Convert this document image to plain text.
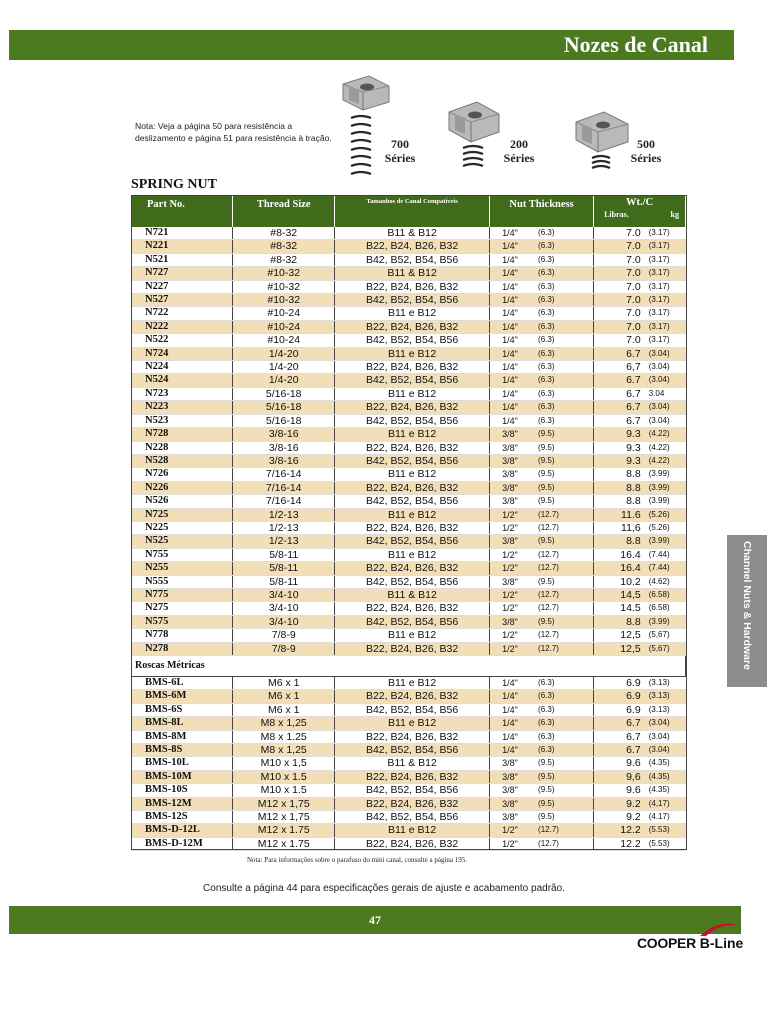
Nozes de Canal
Nota: Veja a página 50 para resistência a deslizamento e página 51 para resistência à tração.	700
Séries
200
Séries
500
Séries
SPRING NUT
Part No.	Thread Size	Tamanhos de Canal Compatíveis	Nut Thickness		Wt./C
Libras. kg	

N721	#8-32	B11 & B12	1/4"	(6.3)	7.0	(3.17)
N221	#8-32	B22, B24, B26, B32	1/4"	(6.3)	7.0	(3.17)
N521	#8-32	B42, B52, B54, B56	1/4"	(6.3)	7.0	(3.17)
N727	#10-32	B11 & B12	1/4"	(6.3)	7.0	(3.17)
N227	#10-32	B22, B24, B26, B32	1/4"	(6.3)	7.0	(3.17)
N527	#10-32	B42, B52, B54, B56	1/4"	(6.3)	7.0	(3.17)
N722	#10-24	B11 e B12	1/4"	(6.3)	7.0	(3.17)
N222	#10-24	B22, B24, B26, B32	1/4"	(6.3)	7.0	(3.17)
N522	#10-24	B42, B52, B54, B56	1/4"	(6.3)	7.0	(3.17)
N724	1/4-20	B11 e B12	1/4"	(6.3)	6.7	(3.04)
N224	1/4-20	B22, B24, B26, B32	1/4"	(6.3)	6,7	(3.04)
N524	1/4-20	B42, B52, B54, B56	1/4"	(6.3)	6.7	(3.04)
N723	5/16-18	B11 e B12	1/4"	(6.3)	6.7	3.04
N223	5/16-18	B22, B24, B26, B32	1/4"	(6.3)	6.7	(3.04)
N523	5/16-18	B42, B52, B54, B56	1/4"	(6.3)	6.7	(3.04)
N728	3/8-16	B11 e B12	3/8"	(9.5)	9.3	(4.22)
N228	3/8-16	B22, B24, B26, B32	3/8"	(9.5)	9.3	(4.22)
N528	3/8-16	B42, B52, B54, B56	3/8"	(9.5)	9.3	(4.22)
N726	7/16-14	B11 e B12	3/8"	(9.5)	8.8	(3.99)
N226	7/16-14	B22, B24, B26, B32	3/8"	(9.5)	8.8	(3.99)
N526	7/16-14	B42, B52, B54, B56	3/8"	(9.5)	8.8	(3.99)
N725	1/2-13	B11 e B12	1/2"	(12.7)	11.6	(5.26)
N225	1/2-13	B22, B24, B26, B32	1/2"	(12.7)	11,6	(5.26)
N525	1/2-13	B42, B52, B54, B56	3/8"	(9.5)	8.8	(3.99)
N755	5/8-11	B11 e B12	1/2"	(12.7)	16.4	(7.44)
N255	5/8-11	B22, B24, B26, B32	1/2"	(12.7)	16.4	(7.44)
N555	5/8-11	B42, B52, B54, B56	3/8"	(9.5)	10.2	(4.62)
N775	3/4-10	B11 & B12	1/2"	(12.7)	14,5	(6.58)
N275	3/4-10	B22, B24, B26, B32	1/2"	(12.7)	14.5	(6.58)
N575	3/4-10	B42, B52, B54, B56	3/8"	(9.5)	8.8	(3.99)
N778	7/8-9	B11 e B12	1/2"	(12.7)	12,5	(5,67)
N278	7/8-9	B22, B24, B26, B32	1/2"	(12.7)	12,5	(5,67)
Roscas Métricas						
BMS-6L	M6 x 1	B11 e B12	1/4"	(6.3)	6.9	(3.13)
BMS-6M	M6 x 1	B22, B24, B26, B32	1/4"	(6.3)	6.9	(3.13)
BMS-6S	M6 x 1	B42, B52, B54, B56	1/4"	(6.3)	6.9	(3.13)
BMS-8L	M8 x 1,25	B11 e B12	1/4"	(6.3)	6.7	(3.04)
BMS-8M	M8 x 1.25	B22, B24, B26, B32	1/4"	(6.3)	6.7	(3.04)
BMS-8S	M8 x 1,25	B42, B52, B54, B56	1/4"	(6.3)	6.7	(3.04)
BMS-10L	M10 x 1,5	B11 & B12	3/8"	(9.5)	9.6	(4.35)
BMS-10M	M10 x 1.5	B22, B24, B26, B32	3/8"	(9.5)	9,6	(4.35)
BMS-10S	M10 x 1.5	B42, B52, B54, B56	3/8"	(9.5)	9.6	(4.35)
BMS-12M	M12 x 1,75	B22, B24, B26, B32	3/8"	(9.5)	9.2	(4,17)
BMS-12S	M12 x 1,75	B42, B52, B54, B56	3/8"	(9.5)	9.2	(4.17)
BMS-D-12L	M12 x 1.75	B11 e B12	1/2"	(12.7)	12.2	(5.53)
BMS-D-12M	M12 x 1.75	B22, B24, B26, B32	1/2"	(12.7)	12.2	(5.53)
Nota: Para informações sobre o parafuso do mini canal, consulte a página 195.
Consulte a página 44 para especificações gerais de ajuste e acabamento padrão.
Channel Nuts & Hardware
47
COOPER B-Line
